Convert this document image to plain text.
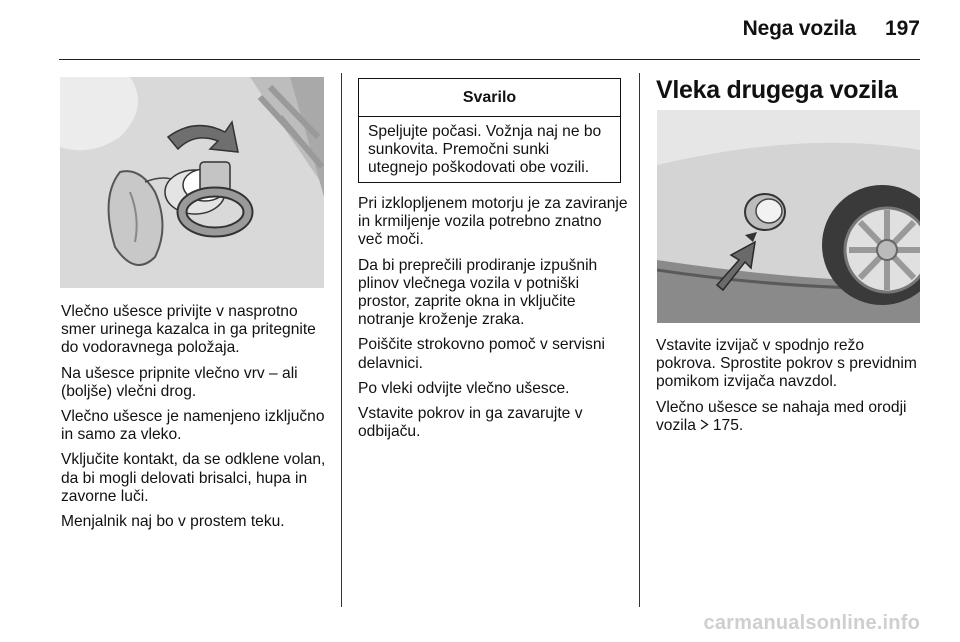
Nega vozila 197

Vlečno ušesce privijte v nasprotno smer urinega kazalca in ga pritegnite do vodoravnega položaja.

Na ušesce pripnite vlečno vrv – ali (boljše) vlečni drog.

Vlečno ušesce je namenjeno izključno in samo za vleko.

Vključite kontakt, da se odklene volan, da bi mogli delovati brisalci, hupa in zavorne luči.

Menjalnik naj bo v prostem teku.

Svarilo
Speljujte počasi. Vožnja naj ne bo sunkovita. Premočni sunki utegnejo poškodovati obe vozili.

Pri izklopljenem motorju je za zaviranje in krmiljenje vozila potrebno znatno več moči.

Da bi preprečili prodiranje izpušnih plinov vlečnega vozila v potniški prostor, zaprite okna in vključite notranje kroženje zraka.

Poiščite strokovno pomoč v servisni delavnici.

Po vleki odvijte vlečno ušesce.

Vstavite pokrov in ga zavarujte v odbijaču.

Vleka drugega vozila

Vstavite izvijač v spodnjo režo pokrova. Sprostite pokrov s previdnim pomikom izvijača navzdol.

Vlečno ušesce se nahaja med orodji vozila 175.

carmanualsonline.info
